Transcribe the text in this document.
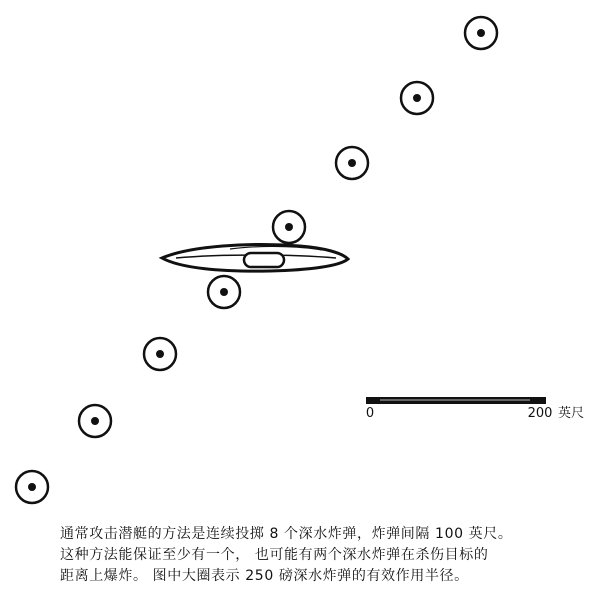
0	200 英尺
通常攻击潜艇的方法是连续投掷 8 个深水炸弹，炸弹间隔 100 英尺。
这种方法能保证至少有一个， 也可能有两个深水炸弹在杀伤目标的
距离上爆炸。 图中大圈表示 250 磅深水炸弹的有效作用半径。
